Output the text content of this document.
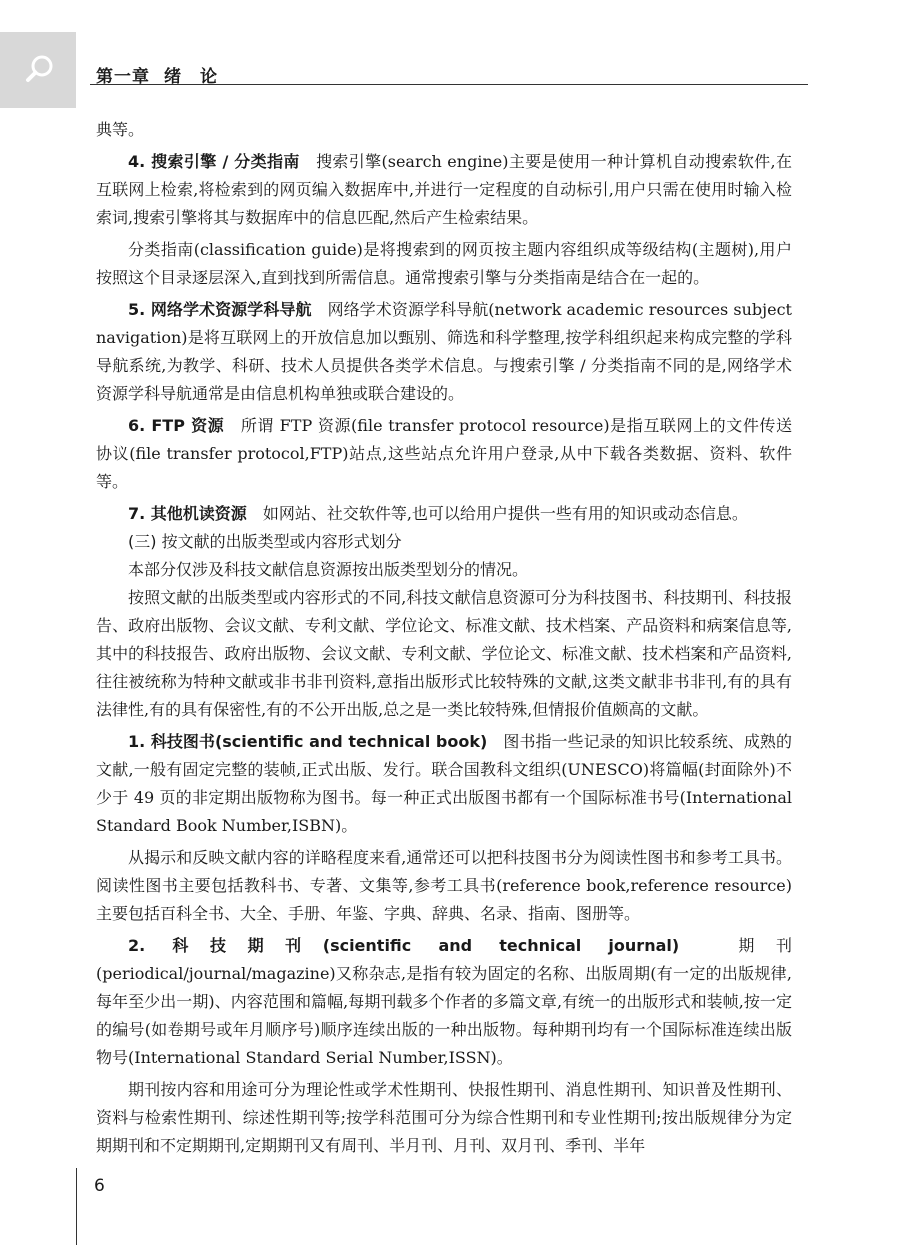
第一章 绪　论

典等。

4. 搜索引擎 / 分类指南　 搜索引擎(search engine)主要是使用一种计算机自动搜索软件,在互联网上检索,将检索到的网页编入数据库中,并进行一定程度的自动标引,用户只需在使用时输入检索词,搜索引擎将其与数据库中的信息匹配,然后产生检索结果。

分类指南(classification guide)是将搜索到的网页按主题内容组织成等级结构(主题树),用户按照这个目录逐层深入,直到找到所需信息。通常搜索引擎与分类指南是结合在一起的。

5. 网络学术资源学科导航　 网络学术资源学科导航(network academic resources subject navigation)是将互联网上的开放信息加以甄别、筛选和科学整理,按学科组织起来构成完整的学科导航系统,为教学、科研、技术人员提供各类学术信息。与搜索引擎 / 分类指南不同的是,网络学术资源学科导航通常是由信息机构单独或联合建设的。

6. FTP 资源　 所谓 FTP 资源(file transfer protocol resource)是指互联网上的文件传送协议(file transfer protocol,FTP)站点,这些站点允许用户登录,从中下载各类数据、资料、软件等。

7. 其他机读资源　 如网站、社交软件等,也可以给用户提供一些有用的知识或动态信息。

(三) 按文献的出版类型或内容形式划分

本部分仅涉及科技文献信息资源按出版类型划分的情况。

按照文献的出版类型或内容形式的不同,科技文献信息资源可分为科技图书、科技期刊、科技报告、政府出版物、会议文献、专利文献、学位论文、标准文献、技术档案、产品资料和病案信息等,其中的科技报告、政府出版物、会议文献、专利文献、学位论文、标准文献、技术档案和产品资料,往往被统称为特种文献或非书非刊资料,意指出版形式比较特殊的文献,这类文献非书非刊,有的具有法律性,有的具有保密性,有的不公开出版,总之是一类比较特殊,但情报价值颇高的文献。

1. 科技图书(scientific and technical book)　 图书指一些记录的知识比较系统、成熟的文献,一般有固定完整的装帧,正式出版、发行。联合国教科文组织(UNESCO)将篇幅(封面除外)不少于 49 页的非定期出版物称为图书。每一种正式出版图书都有一个国际标准书号(International Standard Book Number,ISBN)。

从揭示和反映文献内容的详略程度来看,通常还可以把科技图书分为阅读性图书和参考工具书。阅读性图书主要包括教科书、专著、文集等,参考工具书(reference book,reference resource)主要包括百科全书、大全、手册、年鉴、字典、辞典、名录、指南、图册等。

2. 科技期刊(scientific and technical journal)　	期刊(periodical/journal/magazine)又称杂志,是指有较为固定的名称、出版周期(有一定的出版规律,每年至少出一期)、内容范围和篇幅,每期刊载多个作者的多篇文章,有统一的出版形式和装帧,按一定的编号(如卷期号或年月顺序号)顺序连续出版的一种出版物。每种期刊均有一个国际标准连续出版物号(International Standard Serial Number,ISSN)。

期刊按内容和用途可分为理论性或学术性期刊、快报性期刊、消息性期刊、知识普及性期刊、资料与检索性期刊、综述性期刊等;按学科范围可分为综合性期刊和专业性期刊;按出版规律分为定期期刊和不定期期刊,定期期刊又有周刊、半月刊、月刊、双月刊、季刊、半年

6
